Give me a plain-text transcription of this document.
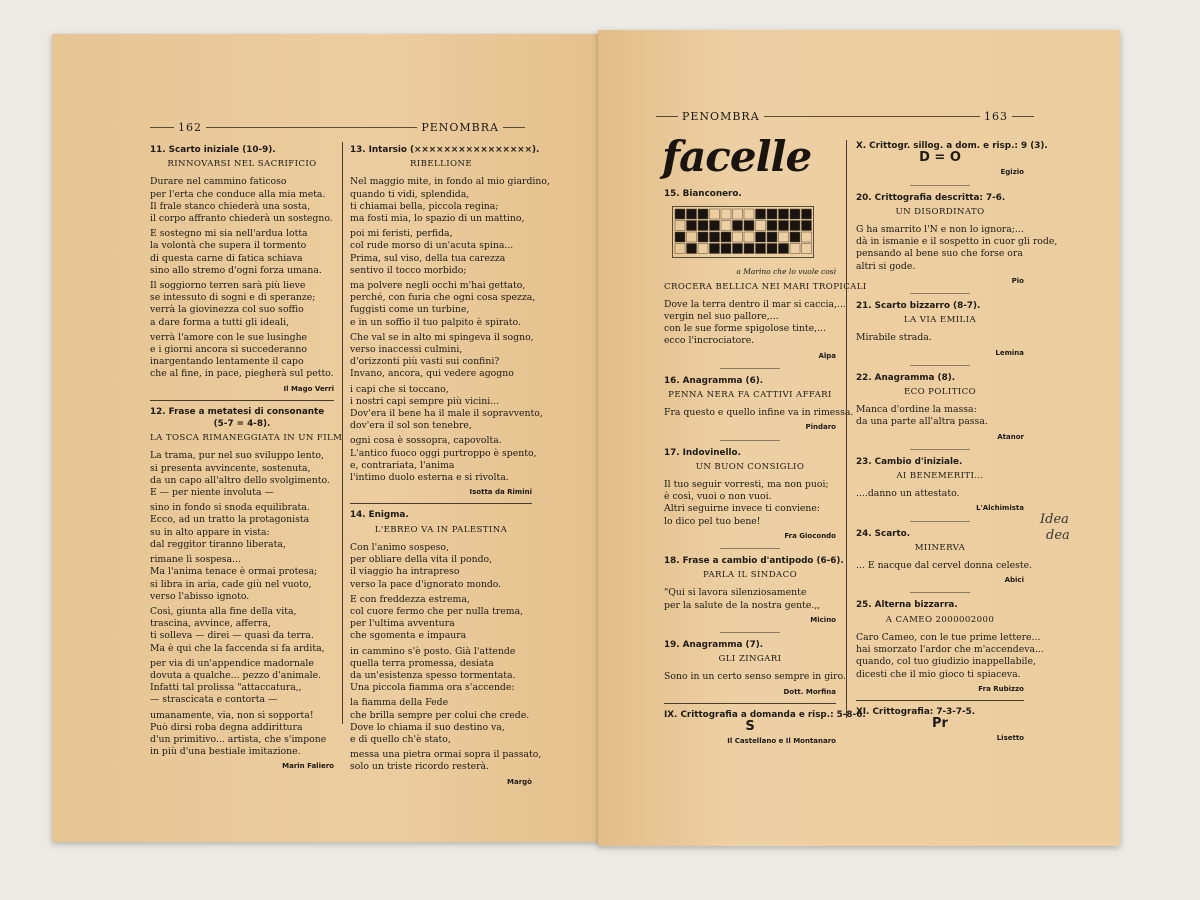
162	PENOMBRA
PENOMBRA	163

11. Scarto iniziale (10-9).

RINNOVARSI NEL SACRIFICIO

Durare nel cammino faticoso

per l'erta che conduce alla mia meta.

Il frale stanco chiederà una sosta,

il corpo affranto chiederà un sostegno.

E sostegno mi sia nell'ardua lotta

la volontà che supera il tormento

di questa carne di fatica schiava

sino allo stremo d'ogni forza umana.

Il soggiorno terren sarà più lieve

se intessuto di sogni e di speranze;

verrà la giovinezza col suo soffio

a dare forma a tutti gli ideali,

verrà l'amore con le sue lusinghe

e i giorni ancora si succederanno

inargentando lentamente il capo

che al fine, in pace, piegherà sul petto.

Il Mago Verri

12. Frase a metatesi di consonante

(5-7 = 4-8).

LA TOSCA RIMANEGGIATA IN UN FILM

La trama, pur nel suo sviluppo lento,

si presenta avvincente, sostenuta,

da un capo all'altro dello svolgimento.

E — per niente involuta —

sino in fondo si snoda equilibrata.

Ecco, ad un tratto la protagonista

su in alto appare in vista:

dal reggitor tiranno liberata,

rimane lì sospesa...

Ma l'anima tenace è ormai protesa;

si libra in aria, cade giù nel vuoto,

verso l'abisso ignoto.

Così, giunta alla fine della vita,

trascina, avvince, afferra,

ti solleva — direi — quasi da terra.

Ma è qui che la faccenda si fa ardita,

per via di un'appendice madornale

dovuta a qualche... pezzo d'animale.

Infatti tal prolissa "attaccatura,,

— strascicata e contorta —

umanamente, via, non si sopporta!

Può dirsi roba degna addirittura

d'un primitivo... artista, che s'impone

in più d'una bestiale imitazione.

Marin Faliero

13. Intarsio (××××××××××××××××).

RIBELLIONE

Nel maggio mite, in fondo al mio giardino,

quando ti vidi, splendida,

ti chiamai bella, piccola regina;

ma fosti mia, lo spazio di un mattino,

poi mi feristi, perfida,

col rude morso di un'acuta spina...

Prima, sul viso, della tua carezza

sentivo il tocco morbido;

ma polvere negli occhi m'hai gettato,

perché, con furia che ogni cosa spezza,

fuggisti come un turbine,

e in un soffio il tuo palpito è spirato.

Che val se in alto mi spingeva il sogno,

verso inaccessi culmini,

d'orizzonti più vasti sui confini?

Invano, ancora, qui vedere agogno

i capi che si toccano,

i nostri capi sempre più vicini...

Dov'era il bene ha il male il sopravvento,

dov'era il sol son tenebre,

ogni cosa è sossopra, capovolta.

L'antico fuoco oggi purtroppo è spento,

e, contrariata, l'anima

l'intimo duolo esterna e si rivolta.

Isotta da Rimini

14. Enigma.

L'EBREO VA IN PALESTINA

Con l'animo sospeso,

per obliare della vita il pondo,

il viaggio ha intrapreso

verso la pace d'ignorato mondo.

E con freddezza estrema,

col cuore fermo che per nulla trema,

per l'ultima avventura

che sgomenta e impaura

in cammino s'è posto. Già l'attende

quella terra promessa, desiata

da un'esistenza spesso tormentata.

Una piccola fiamma ora s'accende:

la fiamma della Fede

che brilla sempre per colui che crede.

Dove lo chiama il suo destino va,

e di quello ch'è stato,

messa una pietra ormai sopra il passato,

solo un triste ricordo resterà.

Margò

facelle

15. Bianconero.

a Marino che lo vuole così

CROCERA BELLICA NEI MARI TROPICALI

Dove la terra dentro il mar si caccia,...

vergin nel suo pallore,...

con le sue forme spigolose tinte,...

ecco l'incrociatore.

Alpa

16. Anagramma (6).

PENNA NERA FA CATTIVI AFFARI

Fra questo e quello infine va in rimessa.

Pindaro

17. Indovinello.

UN BUON CONSIGLIO

Il tuo seguir vorresti, ma non puoi;

è così, vuoi o non vuoi.

Altri seguirne invece ti conviene:

lo dico pel tuo bene!

Fra Giocondo

18. Frase a cambio d'antipodo (6-6).

PARLA IL SINDACO

"Qui si lavora silenziosamente

per la salute de la nostra gente.,,

Micino

19. Anagramma (7).

GLI ZINGARI

Sono in un certo senso sempre in giro.

Dott. Morfina

IX. Crittografia a domanda e risp.: 5-8-6.

S

Il Castellano e Il Montanaro

X. Crittogr. sillog. a dom. e risp.: 9 (3).

D = O

Egizio

20. Crittografia descritta: 7-6.

UN DISORDINATO

G ha smarrito l'N e non lo ignora;...

dà in ismanie e il sospetto in cuor gli rode,

pensando al bene suo che forse ora

altri si gode.

Pio

21. Scarto bizzarro (8-7).

LA VIA EMILIA

Mirabile strada.

Lemina

22. Anagramma (8).

ECO POLITICO

Manca d'ordine la massa:

da una parte all'altra passa.

Atanor

23. Cambio d'iniziale.

AI BENEMERITI...

....danno un attestato.

L'Alchimista

24. Scarto.

MIINERVA

... E nacque dal cervel donna celeste.

Abici

25. Alterna bizzarra.

A CAMEO 2000002000

Caro Cameo, con le tue prime lettere...

hai smorzato l'ardor che m'accendeva...

quando, col tuo giudizio inappellabile,

dicesti che il mio gioco ti spiaceva.

Fra Rubizzo

XI. Crittografia: 7-3-7-5.

Pr

Lisetto

Idea
dea
